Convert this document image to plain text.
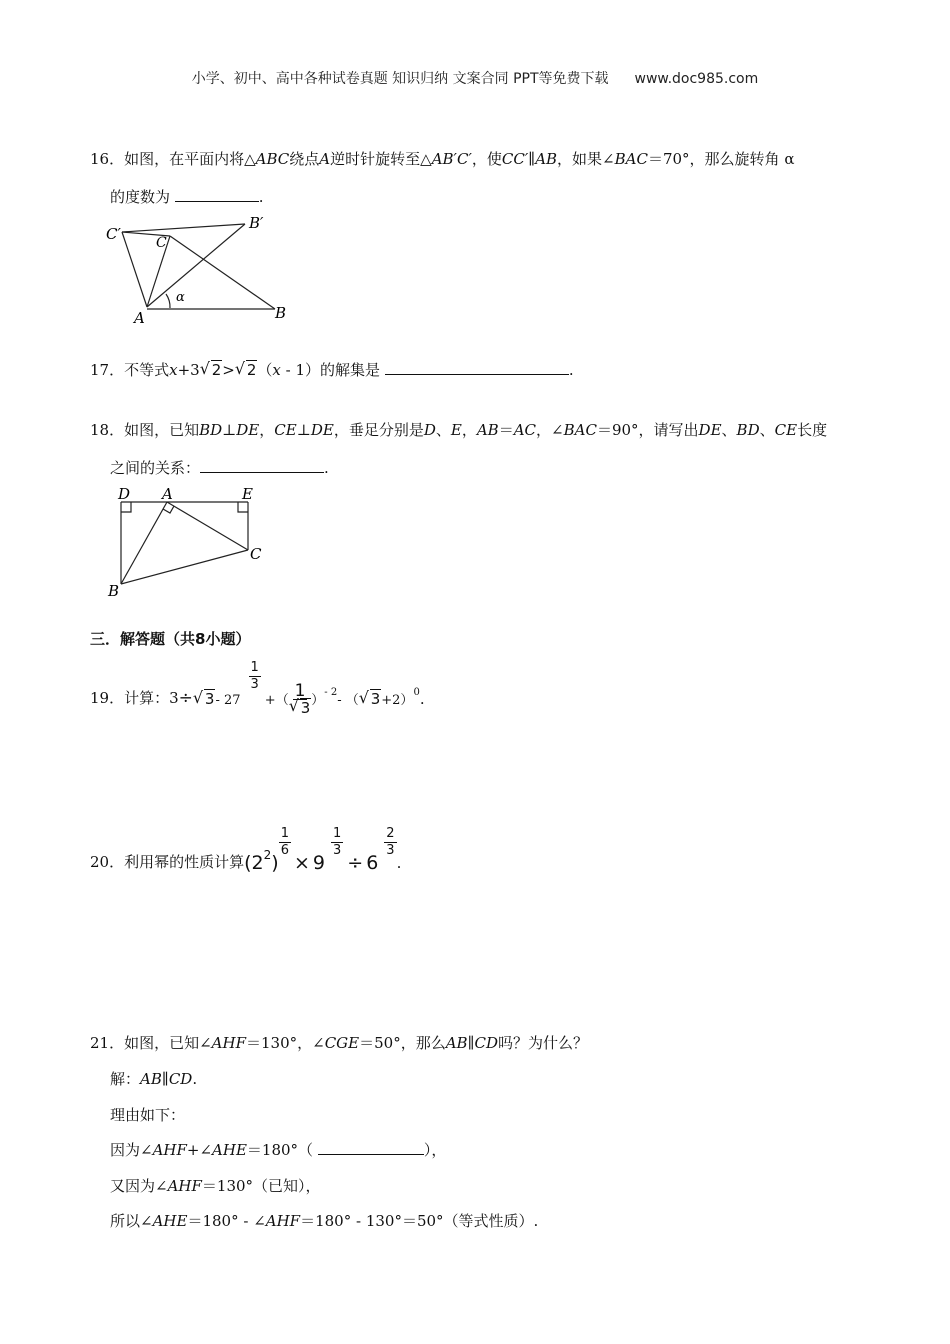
小学、初中、高中各种试卷真题 知识归纳 文案合同 PPT等免费下载 www.doc985.com
16．如图，在平面内将△ABC绕点A逆时针旋转至△AB′C′，使CC′∥AB，如果∠BAC＝70°，那么旋转角 α
的度数为	.
C′	C
B′
A	B
α
17．不等式x+3 √ 2> √ 2（x - 1）的解集是	.
18．如图，已知BD⊥DE，CE⊥DE，垂足分别是D、E，AB＝AC，∠BAC＝90°，请写出DE、BD、CE长度
之间的关系：	.
D A	E
C
B
三．解答题（共8小题）
19． 计算：3 ÷ √ 3 - 27
$\frac{1}{3}$
+（ 1
√ 3 ）
- 2
- （ √ 3 +2）
0 .
20． 利用幂的性质计算 ( 2 2 )
$\frac{1}{6}$
× 9
$\frac{1}{3}$
÷ 6
$\frac{2}{3}$
.
21．如图，已知∠AHF＝130°，∠CGE＝50°，那么AB∥CD吗？为什么？
解：AB∥CD.
理由如下：
因为∠AHF+∠AHE＝180°（	），
又因为∠AHF＝130°（已知），
所以∠AHE＝180° - ∠AHF＝180° - 130°＝50°（等式性质）.
